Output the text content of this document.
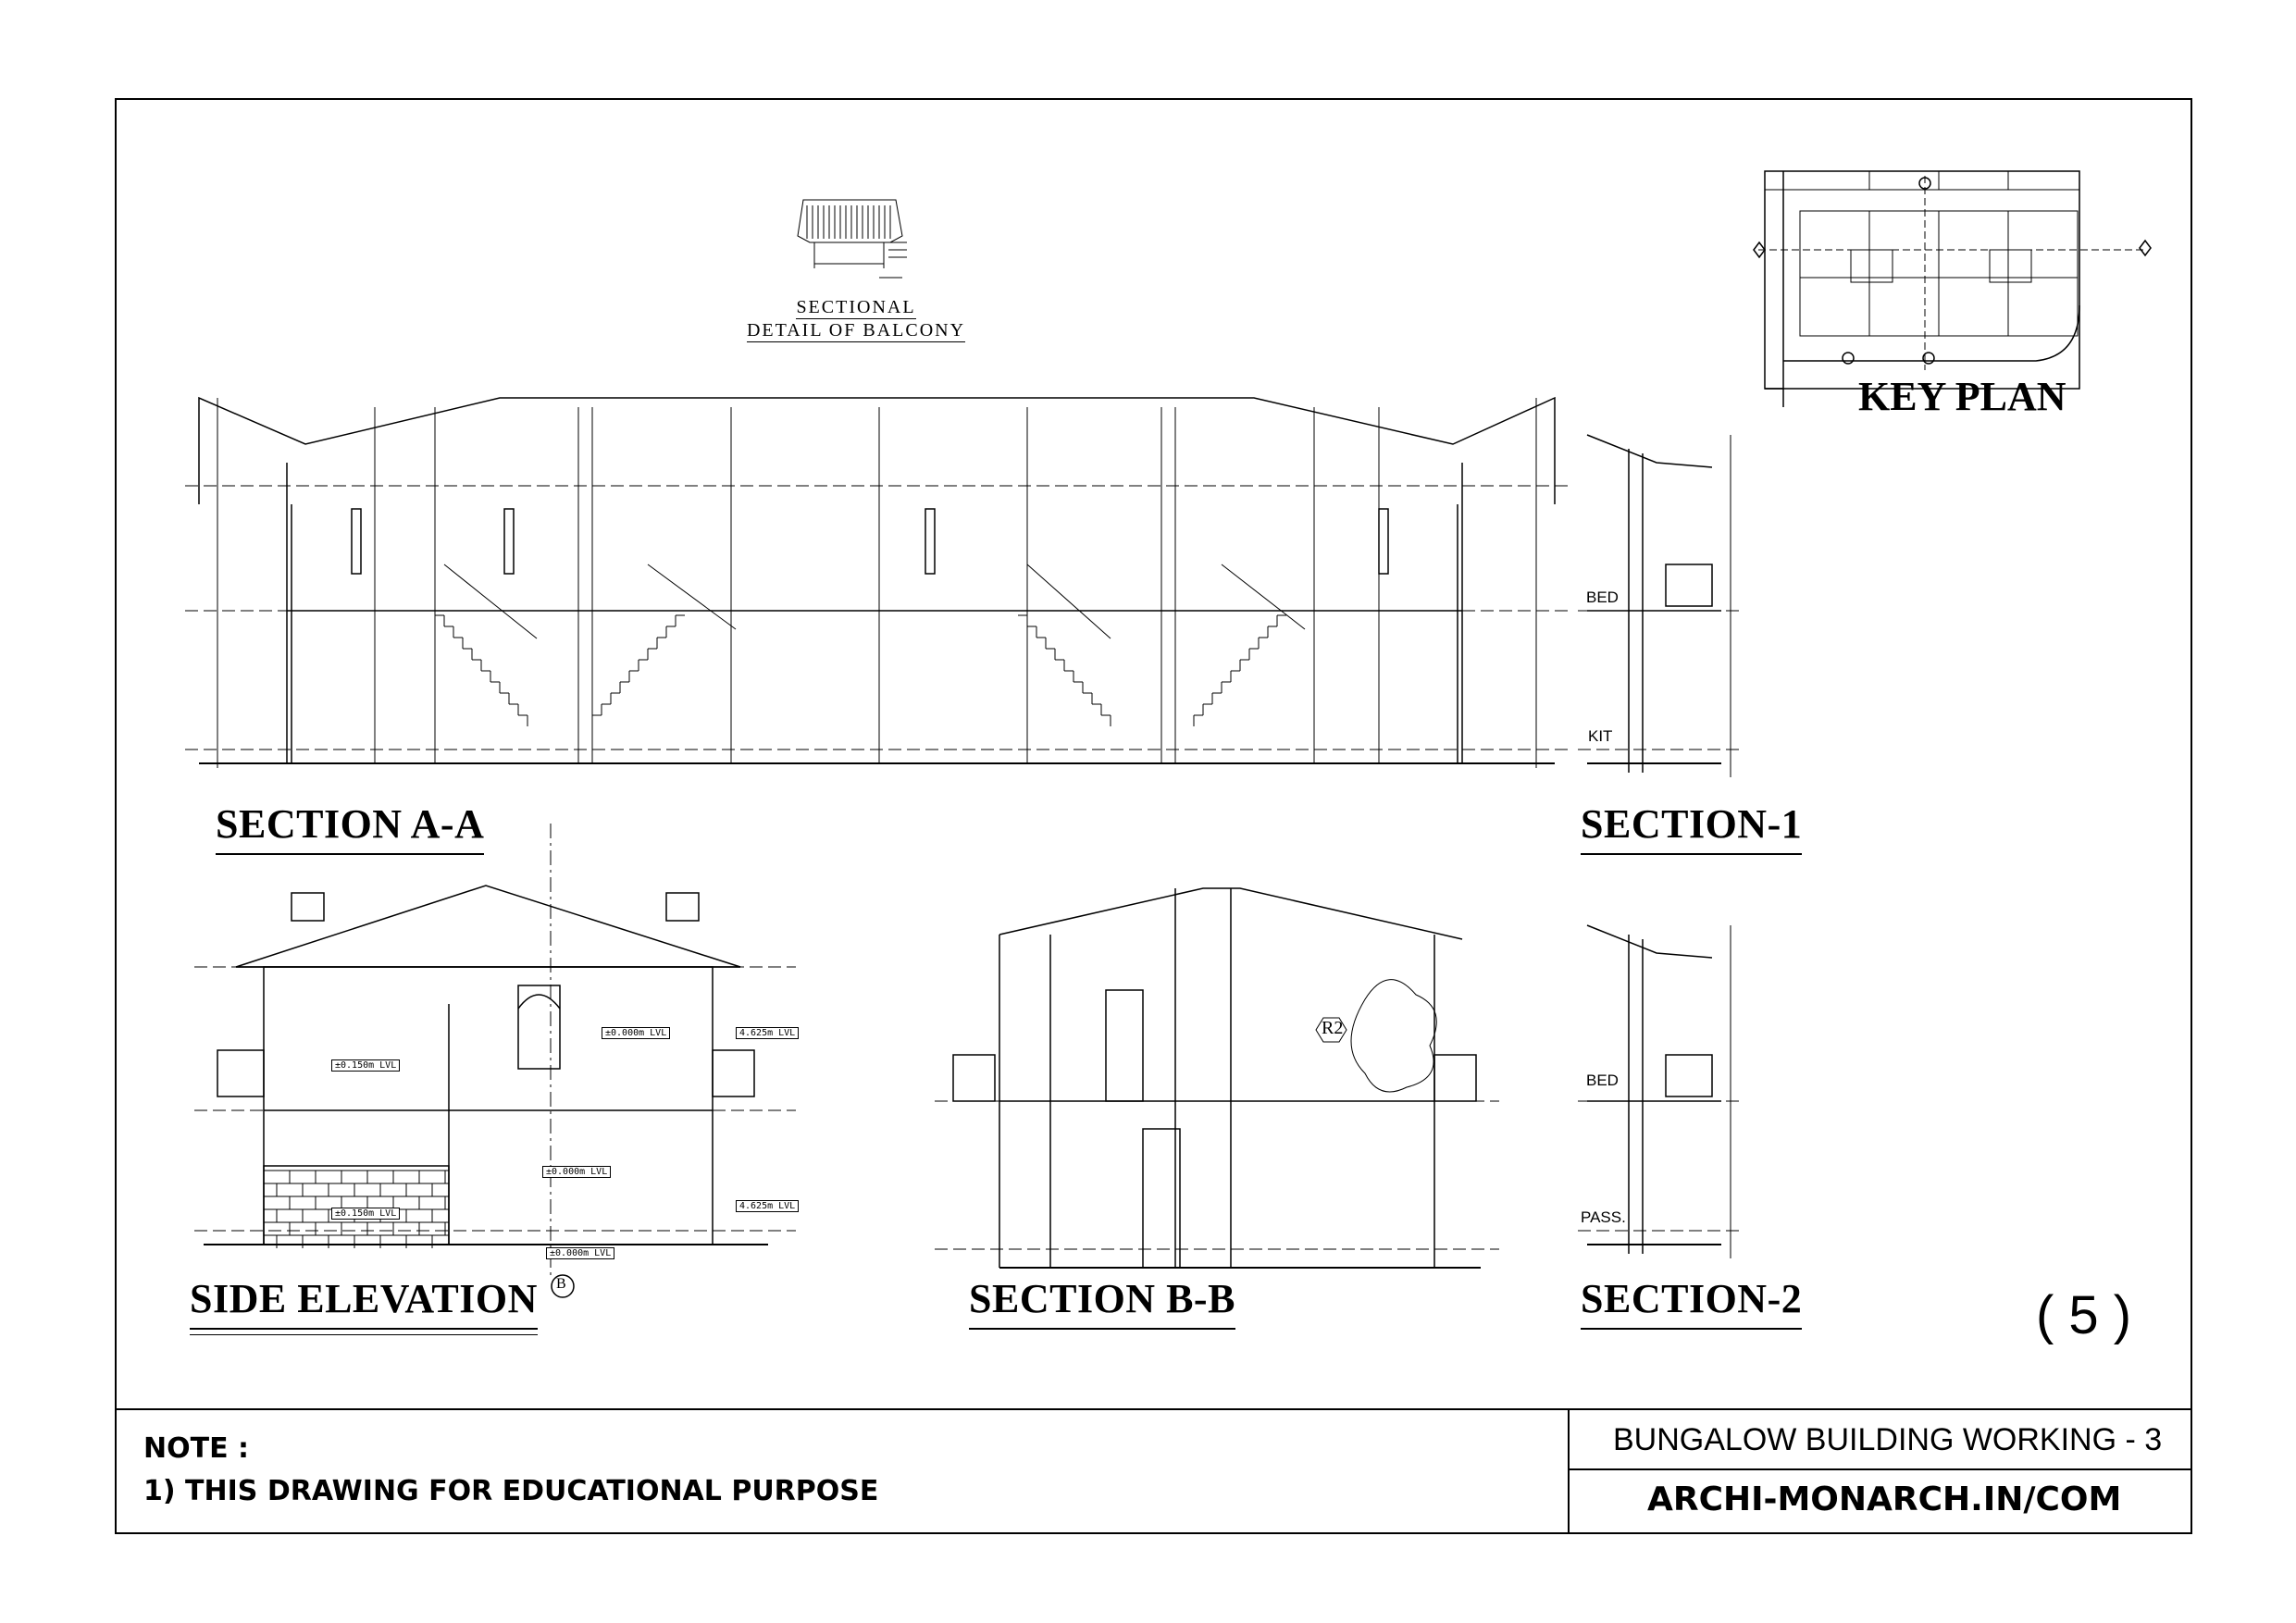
SECTIONAL
DETAIL OF BALCONY
KEY PLAN
SECTION A-A	SECTION-1
SIDE ELEVATION B	SECTION B-B	SECTION-2	( 5 )
BED
KIT
BED
PASS.
R2
±0.150m LVL
±0.000m LVL	4.625m LVL
±0.000m LVL
±0.150m LVL
4.625m LVL
±0.000m LVL
NOTE :
1) THIS DRAWING FOR EDUCATIONAL PURPOSE
BUNGALOW BUILDING WORKING - 3
ARCHI-MONARCH.IN/COM
